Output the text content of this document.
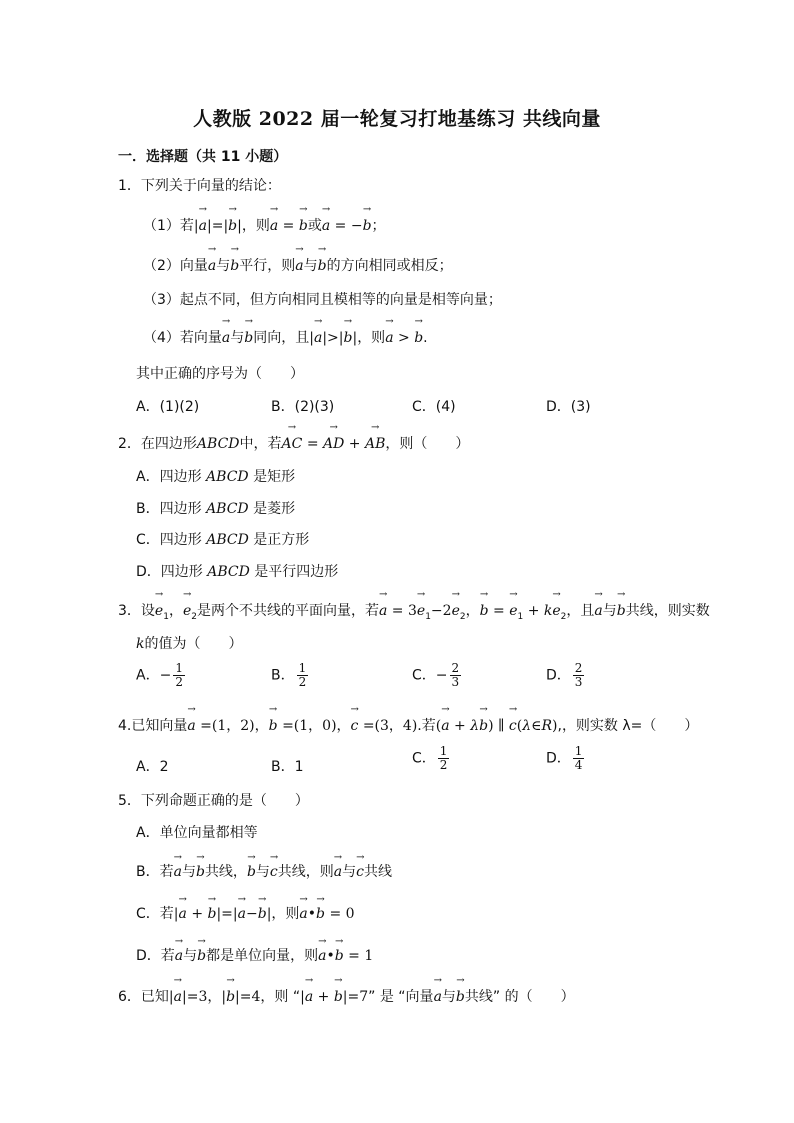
人教版 2022 届一轮复习打地基练习 共线向量
一．选择题（共 11 小题）
1．下列关于向量的结论：
（1）若|→ a|=|→ b|，则→ a = → b或→ a = −→ b；
（2）向量→ a与→ b平行，则→ a与→ b的方向相同或相反；
（3）起点不同，但方向相同且模相等的向量是相等向量；
（4）若向量→ a与→ b同向，且|→ a|>|→ b|，则→ a > → b.
其中正确的序号为（　　）
A．(1)(2)	B．(2)(3)	C．(4)	D．(3)
2．在四边形ABCD中，若→ AC = → AD + → AB，则（　　）
A．四边形 ABCD 是矩形
B．四边形 ABCD 是菱形
C．四边形 ABCD 是正方形
D．四边形 ABCD 是平行四边形
3．设→ $e_1$，→ $e_2$是两个不共线的平面向量，若→ $a = 3\to e_1-2\to e_2$，→ b = → $e_1 + k\to e_2$，且→ a与→ b共线，则实数
k的值为（　　）
A．− $\frac{1}{2}$	B． $\frac{1}{2}$	C．− $\frac{2}{3}$	D． $\frac{2}{3}$
4.已知向量→ a =(1，2)，→ b =(1，0)，→ c =(3，4).若(→ a + λ→ b) ∥ → c(λ∈R),，则实数 λ=（　　）
A．2	B．1
C． $\frac{1}{2}$	D． $\frac{1}{4}$
5．下列命题正确的是（　　）
A．单位向量都相等
B．若→ a与→ b共线，→ b与→ c共线，则→ a与→ c共线
C．若|→ a + → b|=|→ a−→ b|，则→ a•→ b = 0
D．若→ a与→ b都是单位向量，则→ a•→ b = 1
6．已知|→ a|=3，|→ b|=4，则 “|→ a + → b|=7” 是 “向量→ a与→ b共线” 的（　　）
